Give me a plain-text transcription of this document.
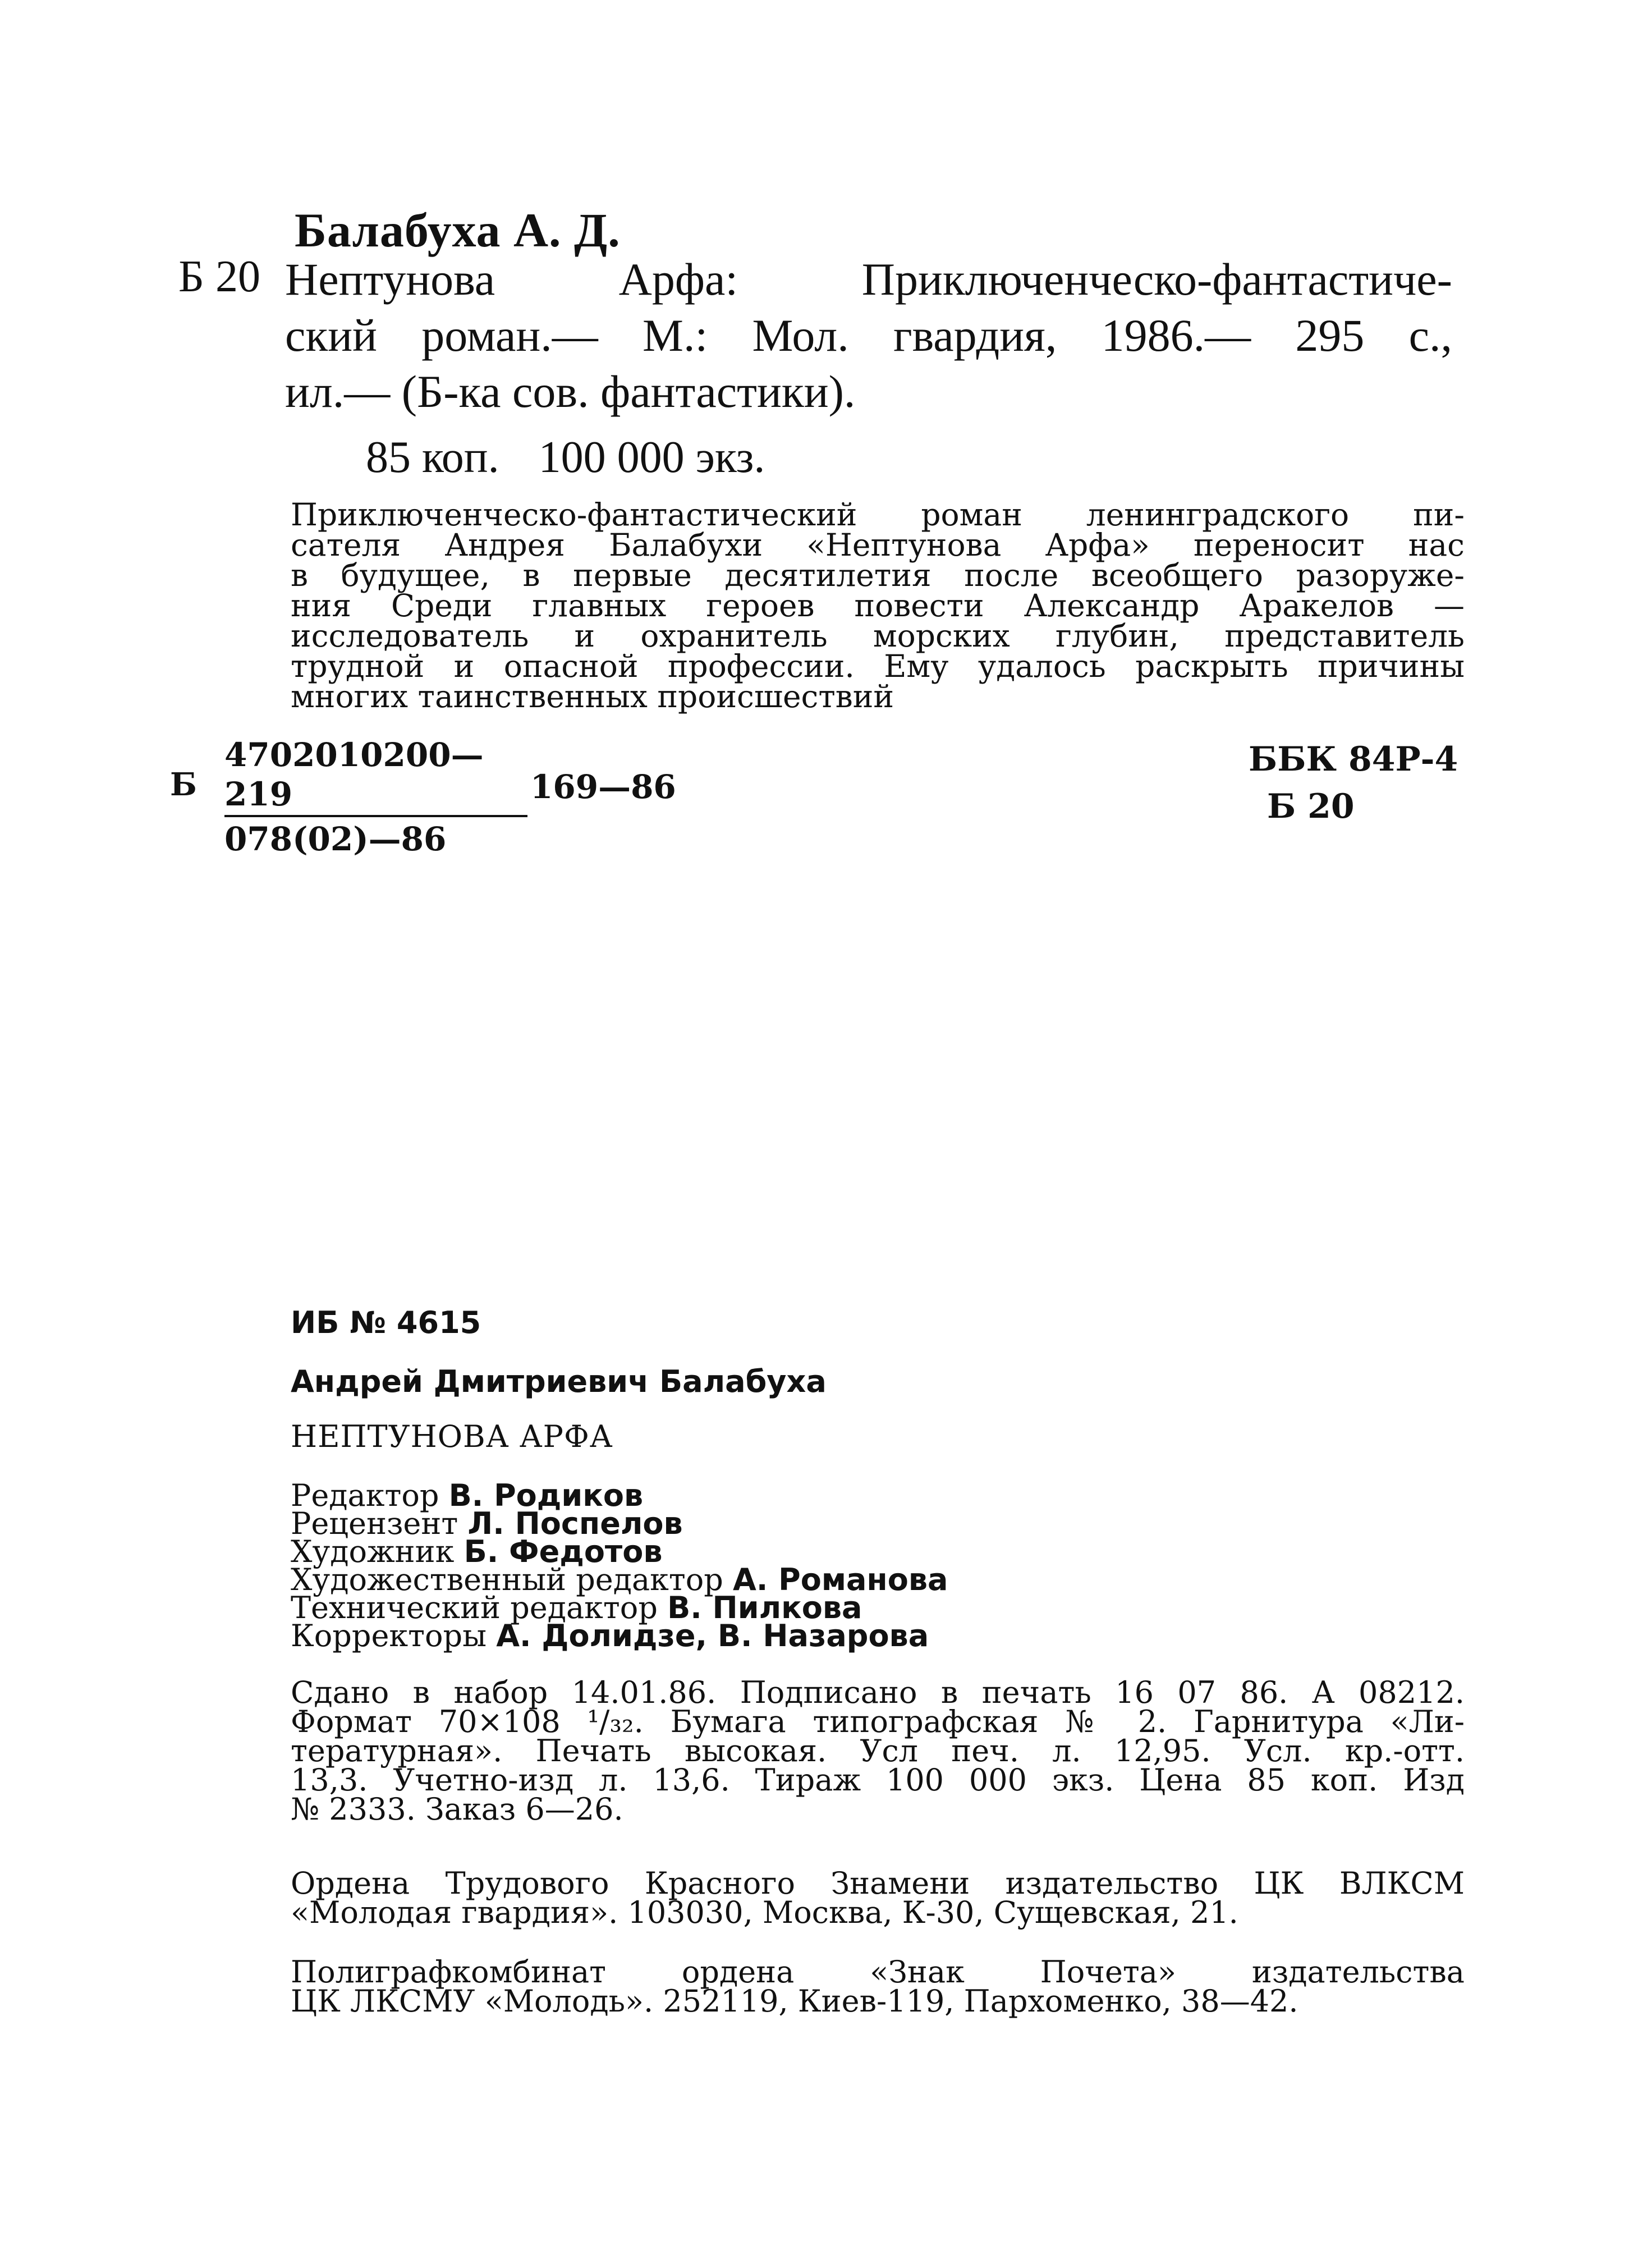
Балабуха А. Д.
Б 20 Нептунова Арфа: Приключенческо-фантастиче-
ский роман.— М.: Мол. гвардия, 1986.— 295 с.,
ил.— (Б-ка сов. фантастики).
85 коп. 100 000 экз.
Приключенческо-фантастический роман ленинградского пи-
сателя Андрея Балабухи «Нептунова Арфа» переносит нас
в будущее, в первые десятилетия после всеобщего разоруже-
ния Среди главных героев повести Александр Аракелов —
исследователь и охранитель морских глубин, представитель
трудной и опасной профессии. Ему удалось раскрыть причины
многих таинственных происшествий
Б $\frac{4702010200—219}{078(02)—86}$ 169—86
ББК 84Р-4
Б 20
ИБ № 4615
Андрей Дмитриевич Балабуха
НЕПТУНОВА АРФА
Редактор В. Родиков
Рецензент Л. Поспелов
Художник Б. Федотов
Художественный редактор А. Романова
Технический редактор В. Пилкова
Корректоры А. Долидзе, В. Назарова
Сдано в набор 14.01.86. Подписано в печать 16 07 86. А 08212.
Формат 70×108 ¹/₃₂. Бумага типографская № 2. Гарнитура «Ли-
тературная». Печать высокая. Усл печ. л. 12,95. Усл. кр.-отт.
13,3. Учетно-изд л. 13,6. Тираж 100 000 экз. Цена 85 коп. Изд
№ 2333. Заказ 6—26.
Ордена Трудового Красного Знамени издательство ЦК ВЛКСМ
«Молодая гвардия». 103030, Москва, К-30, Сущевская, 21.
Полиграфкомбинат ордена «Знак Почета» издательства
ЦК ЛКСМУ «Молодь». 252119, Киев-119, Пархоменко, 38—42.
